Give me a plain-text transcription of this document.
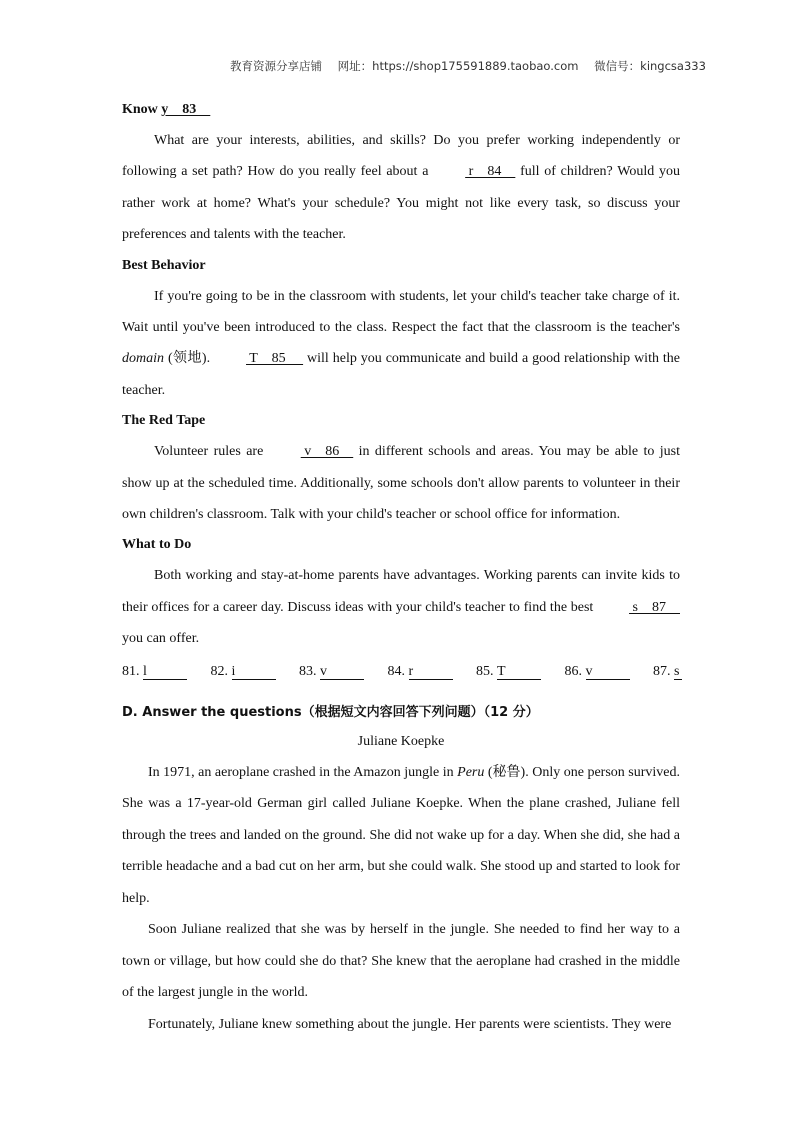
教育资源分享店铺 网址：https://shop175591889.taobao.com 微信号：kingcsa333

Know y    83

What are your interests, abilities, and skills? Do you prefer working independently or following a set path? How do you really feel about a  r    84     full of children? Would you rather work at home? What's your schedule? You might not like every task, so discuss your preferences and talents with the teacher.

Best Behavior

If you're going to be in the classroom with students, let your child's teacher take charge of it. Wait until you've been introduced to the class. Respect the fact that the classroom is the teacher's domain (领地).  T    85      will help you communicate and build a good relationship with the teacher.

The Red Tape

Volunteer rules are  v    86     in different schools and areas. You may be able to just show up at the scheduled time. Additionally, some schools don't allow parents to volunteer in their own children's classroom. Talk with your child's teacher or school office for information.

What to Do

Both working and stay-at-home parents have advantages. Working parents can invite kids to their offices for a career day. Discuss ideas with your child's teacher to find the best  s    87     you can offer.

81. l	82. i	83. v	84. r	85. T	86. v	87. s
D. Answer the questions（根据短文内容回答下列问题）（12 分）
Juliane Koepke

In 1971, an aeroplane crashed in the Amazon jungle in Peru (秘鲁). Only one person survived. She was a 17-year-old German girl called Juliane Koepke. When the plane crashed, Juliane fell through the trees and landed on the ground. She did not wake up for a day. When she did, she had a terrible headache and a bad cut on her arm, but she could walk. She stood up and started to look for help.

Soon Juliane realized that she was by herself in the jungle. She needed to find her way to a town or village, but how could she do that? She knew that the aeroplane had crashed in the middle of the largest jungle in the world.

Fortunately, Juliane knew something about the jungle. Her parents were scientists. They were
